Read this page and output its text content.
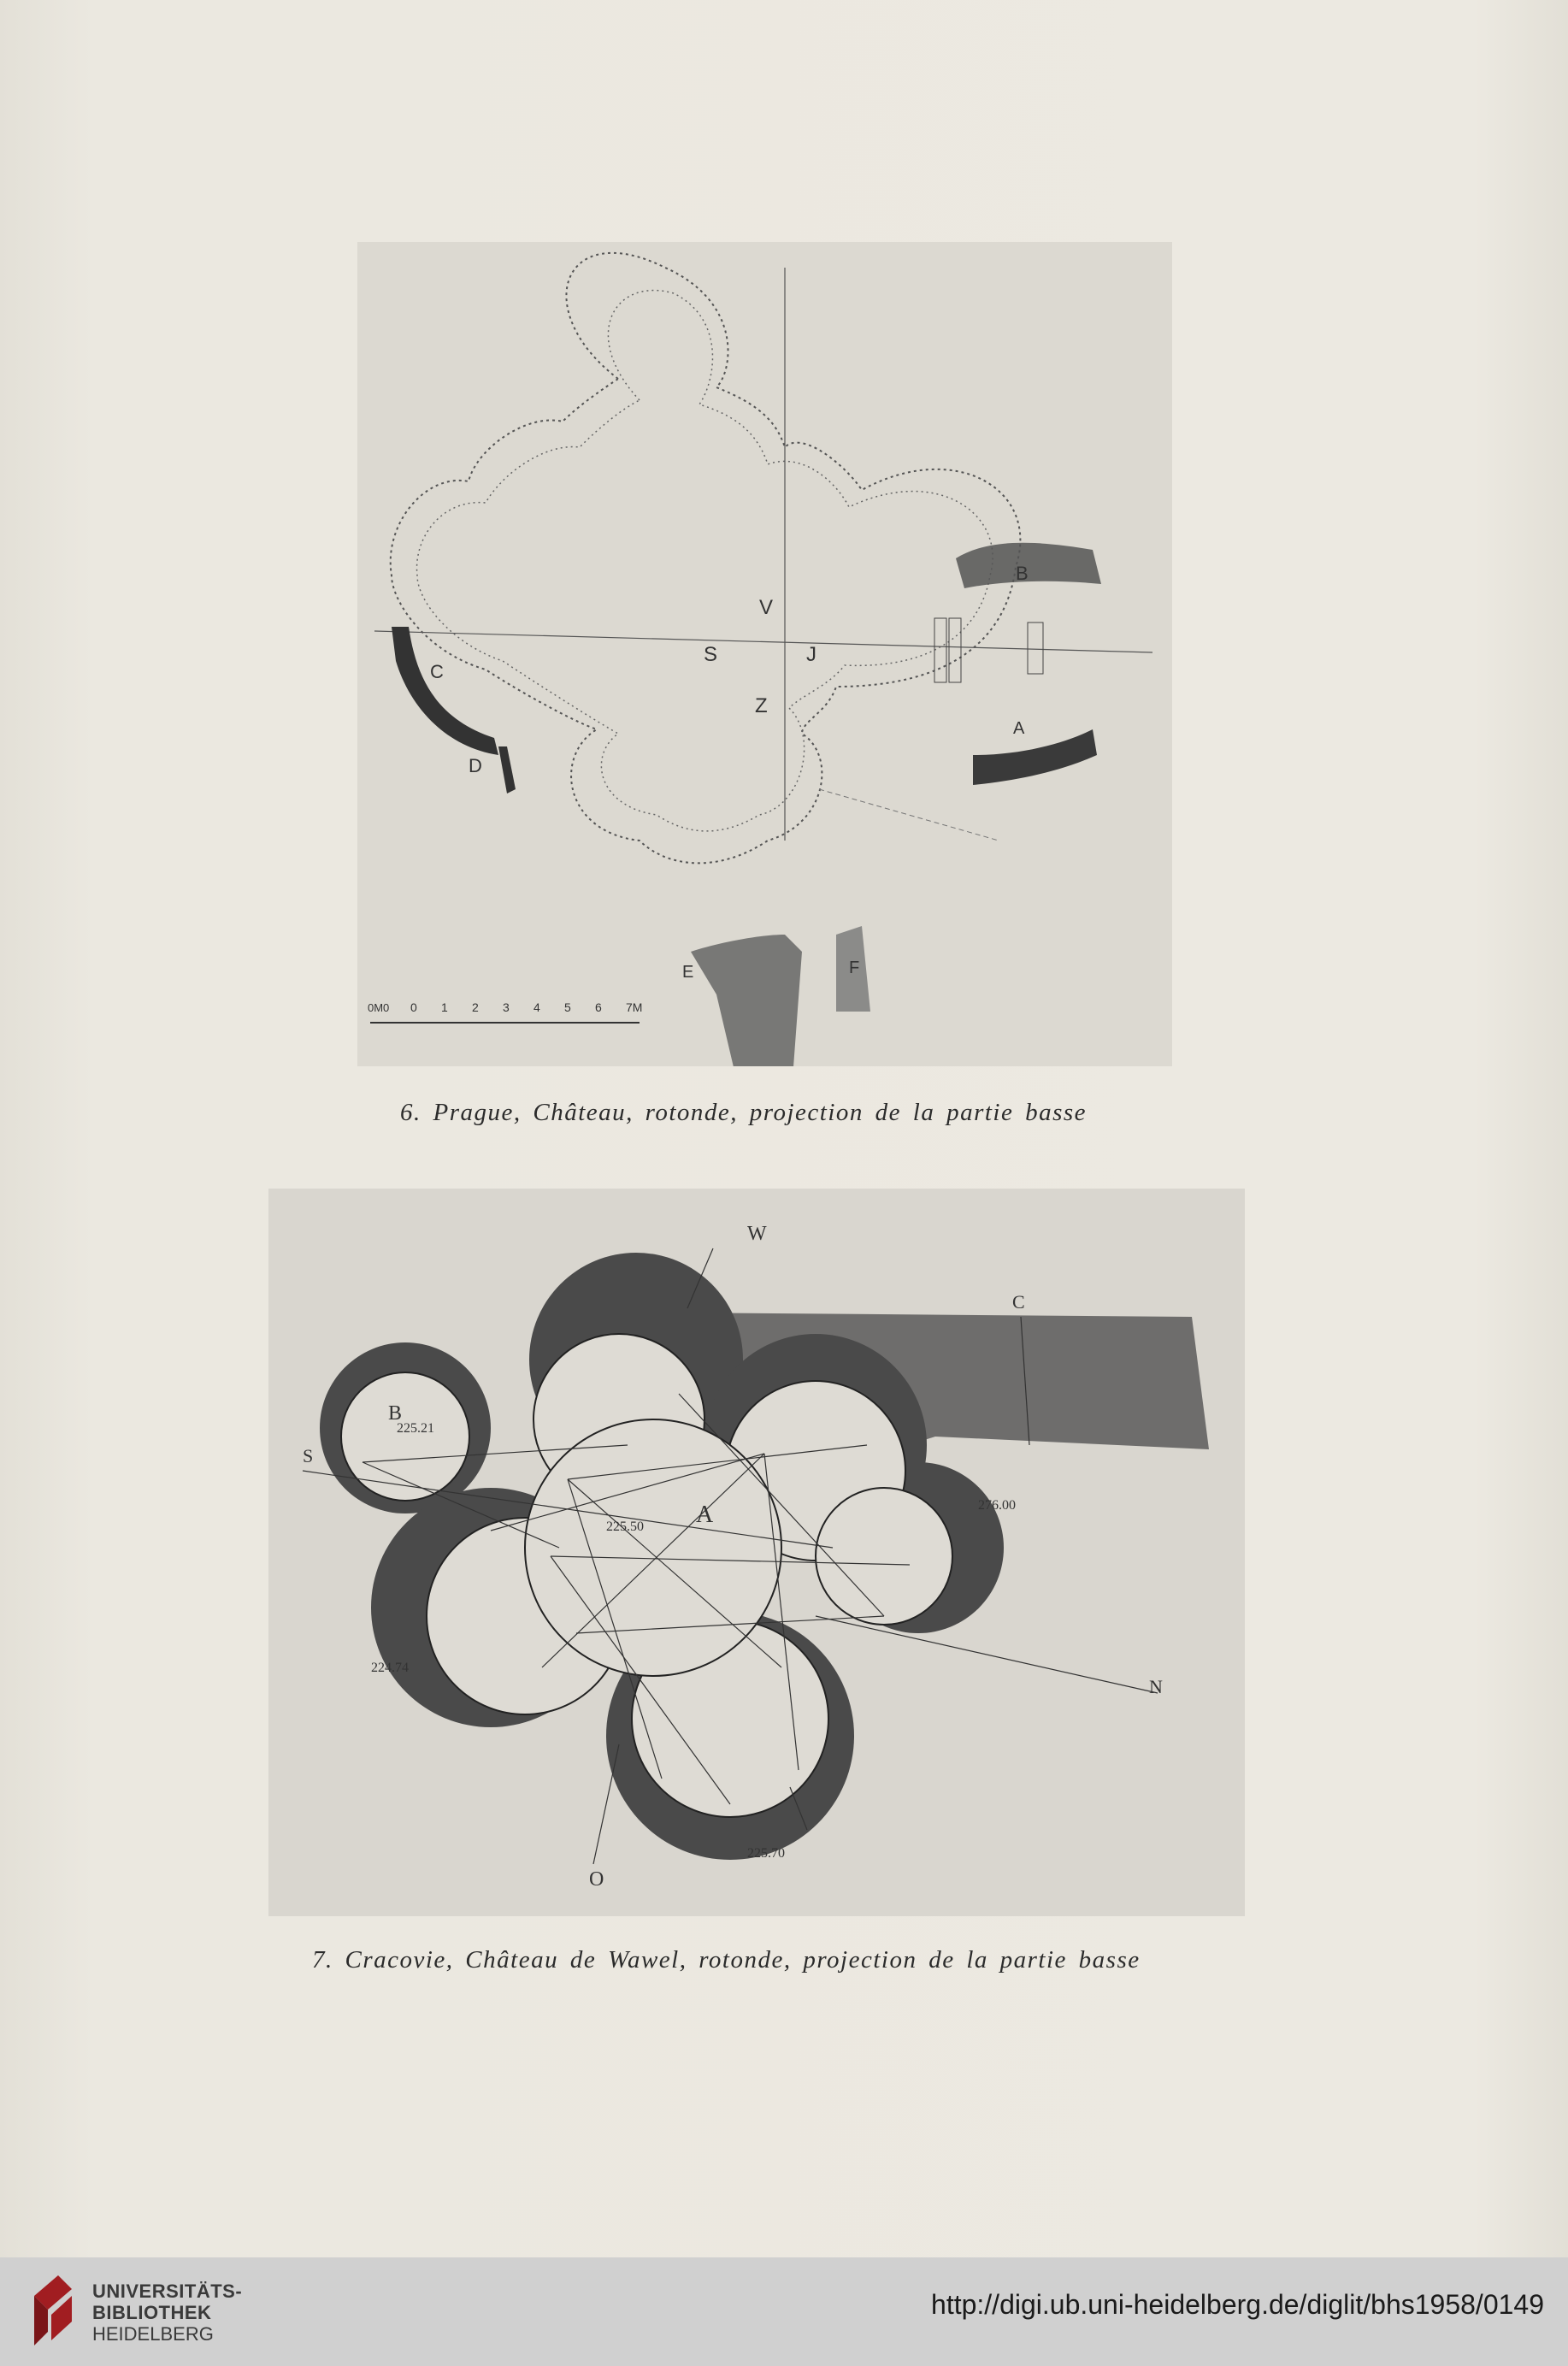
B
A
C
D
E	F
V
S	J
Z
0M0 0 1 2 3 4 5 6 7M
6. Prague, Château, rotonde, projection de la partie basse
W
C
S
B
A
N
O
225.21
225.50
276.00
224.74
225.70
7. Cracovie, Château de Wawel, rotonde, projection de la partie basse
UNIVERSITÄTS-
BIBLIOTHEK
HEIDELBERG
http://digi.ub.uni-heidelberg.de/diglit/bhs1958/0149
